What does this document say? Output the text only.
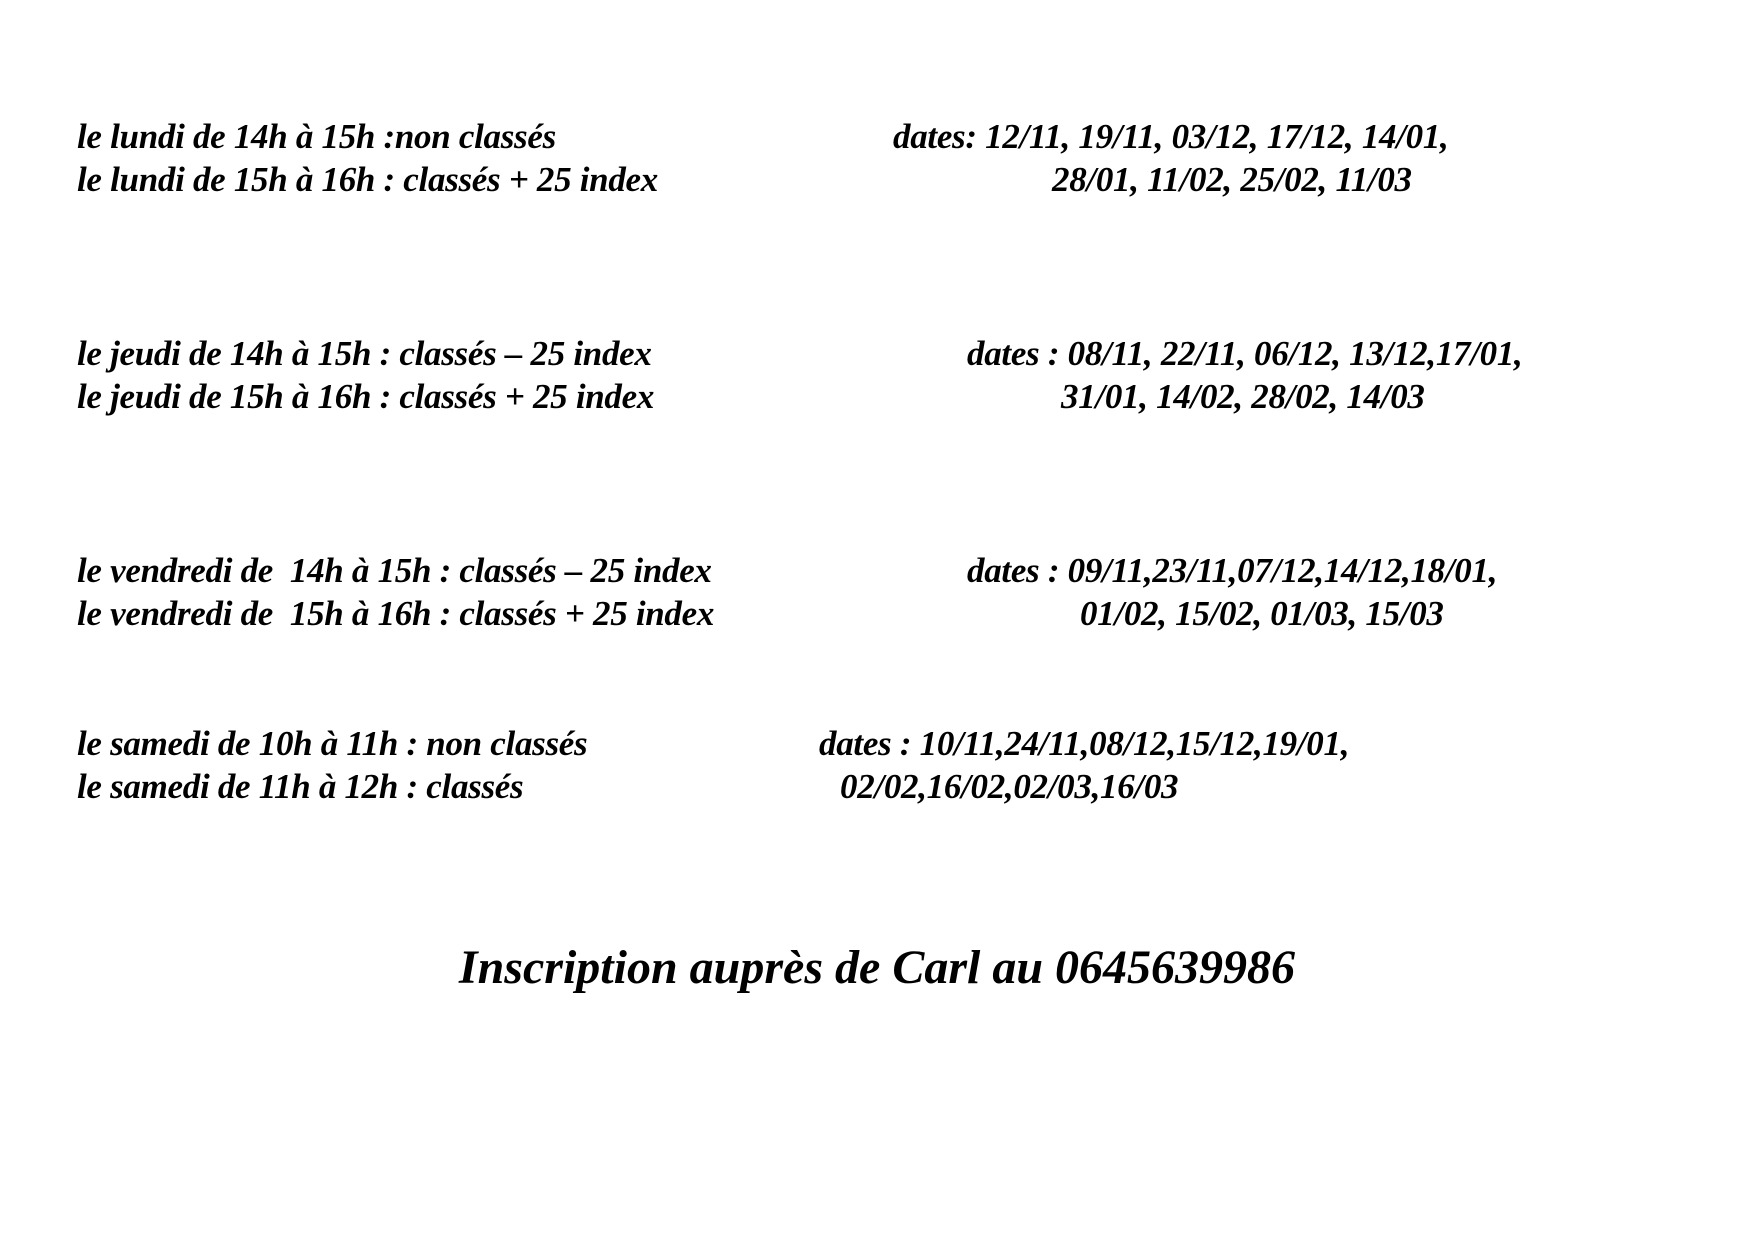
le lundi de 14h à 15h :non classés
le lundi de 15h à 16h : classés + 25 index
dates: 12/11, 19/11, 03/12, 17/12, 14/01,
28/01, 11/02, 25/02, 11/03
le jeudi de 14h à 15h : classés – 25 index
le jeudi de 15h à 16h : classés + 25 index
dates : 08/11, 22/11, 06/12, 13/12,17/01,
31/01, 14/02, 28/02, 14/03
le vendredi de  14h à 15h : classés – 25 index
le vendredi de  15h à 16h : classés + 25 index
dates : 09/11,23/11,07/12,14/12,18/01,
01/02, 15/02, 01/03, 15/03
le samedi de 10h à 11h : non classés
le samedi de 11h à 12h : classés
dates : 10/11,24/11,08/12,15/12,19/01,
02/02,16/02,02/03,16/03
Inscription auprès de Carl au 0645639986
